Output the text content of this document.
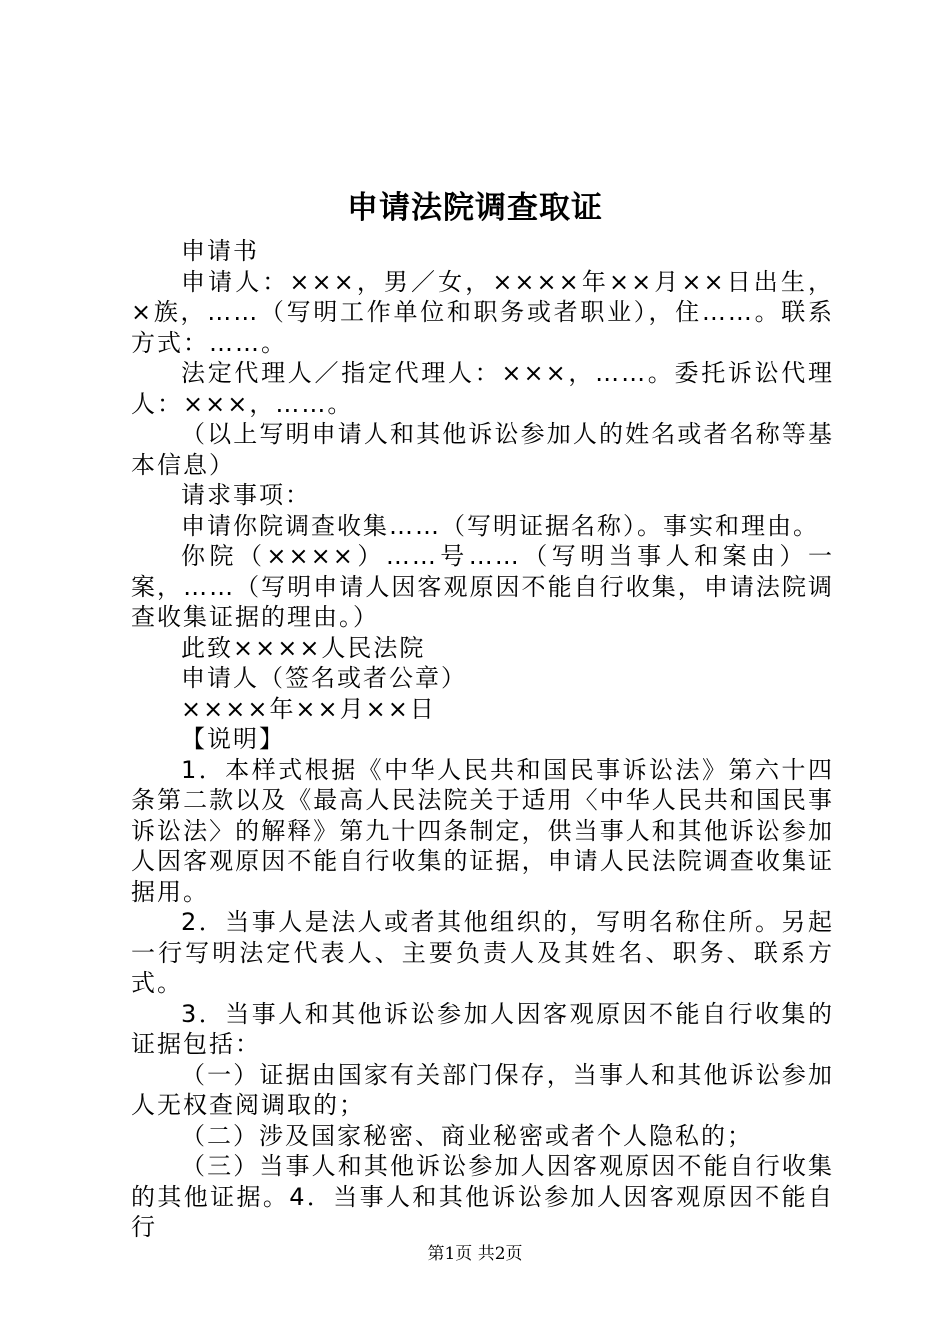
申请法院调查取证

申请书

申请人：×××，男／女，××××年××月××日出生，×族，……（写明工作单位和职务或者职业），住……。联系方式：……。

法定代理人／指定代理人：×××，……。委托诉讼代理人：×××，……。

（以上写明申请人和其他诉讼参加人的姓名或者名称等基本信息）

请求事项：

申请你院调查收集……（写明证据名称）。事实和理由。

你院（××××）……号……（写明当事人和案由）一案，……（写明申请人因客观原因不能自行收集，申请法院调查收集证据的理由。）

此致××××人民法院

申请人（签名或者公章）

××××年××月××日

【说明】

1．本样式根据《中华人民共和国民事诉讼法》第六十四条第二款以及《最高人民法院关于适用〈中华人民共和国民事诉讼法〉的解释》第九十四条制定，供当事人和其他诉讼参加人因客观原因不能自行收集的证据，申请人民法院调查收集证据用。

2．当事人是法人或者其他组织的，写明名称住所。另起一行写明法定代表人、主要负责人及其姓名、职务、联系方式。

3．当事人和其他诉讼参加人因客观原因不能自行收集的证据包括：

（一）证据由国家有关部门保存，当事人和其他诉讼参加人无权查阅调取的；

（二）涉及国家秘密、商业秘密或者个人隐私的；

（三）当事人和其他诉讼参加人因客观原因不能自行收集的其他证据。4．当事人和其他诉讼参加人因客观原因不能自行

第1页 共2页
